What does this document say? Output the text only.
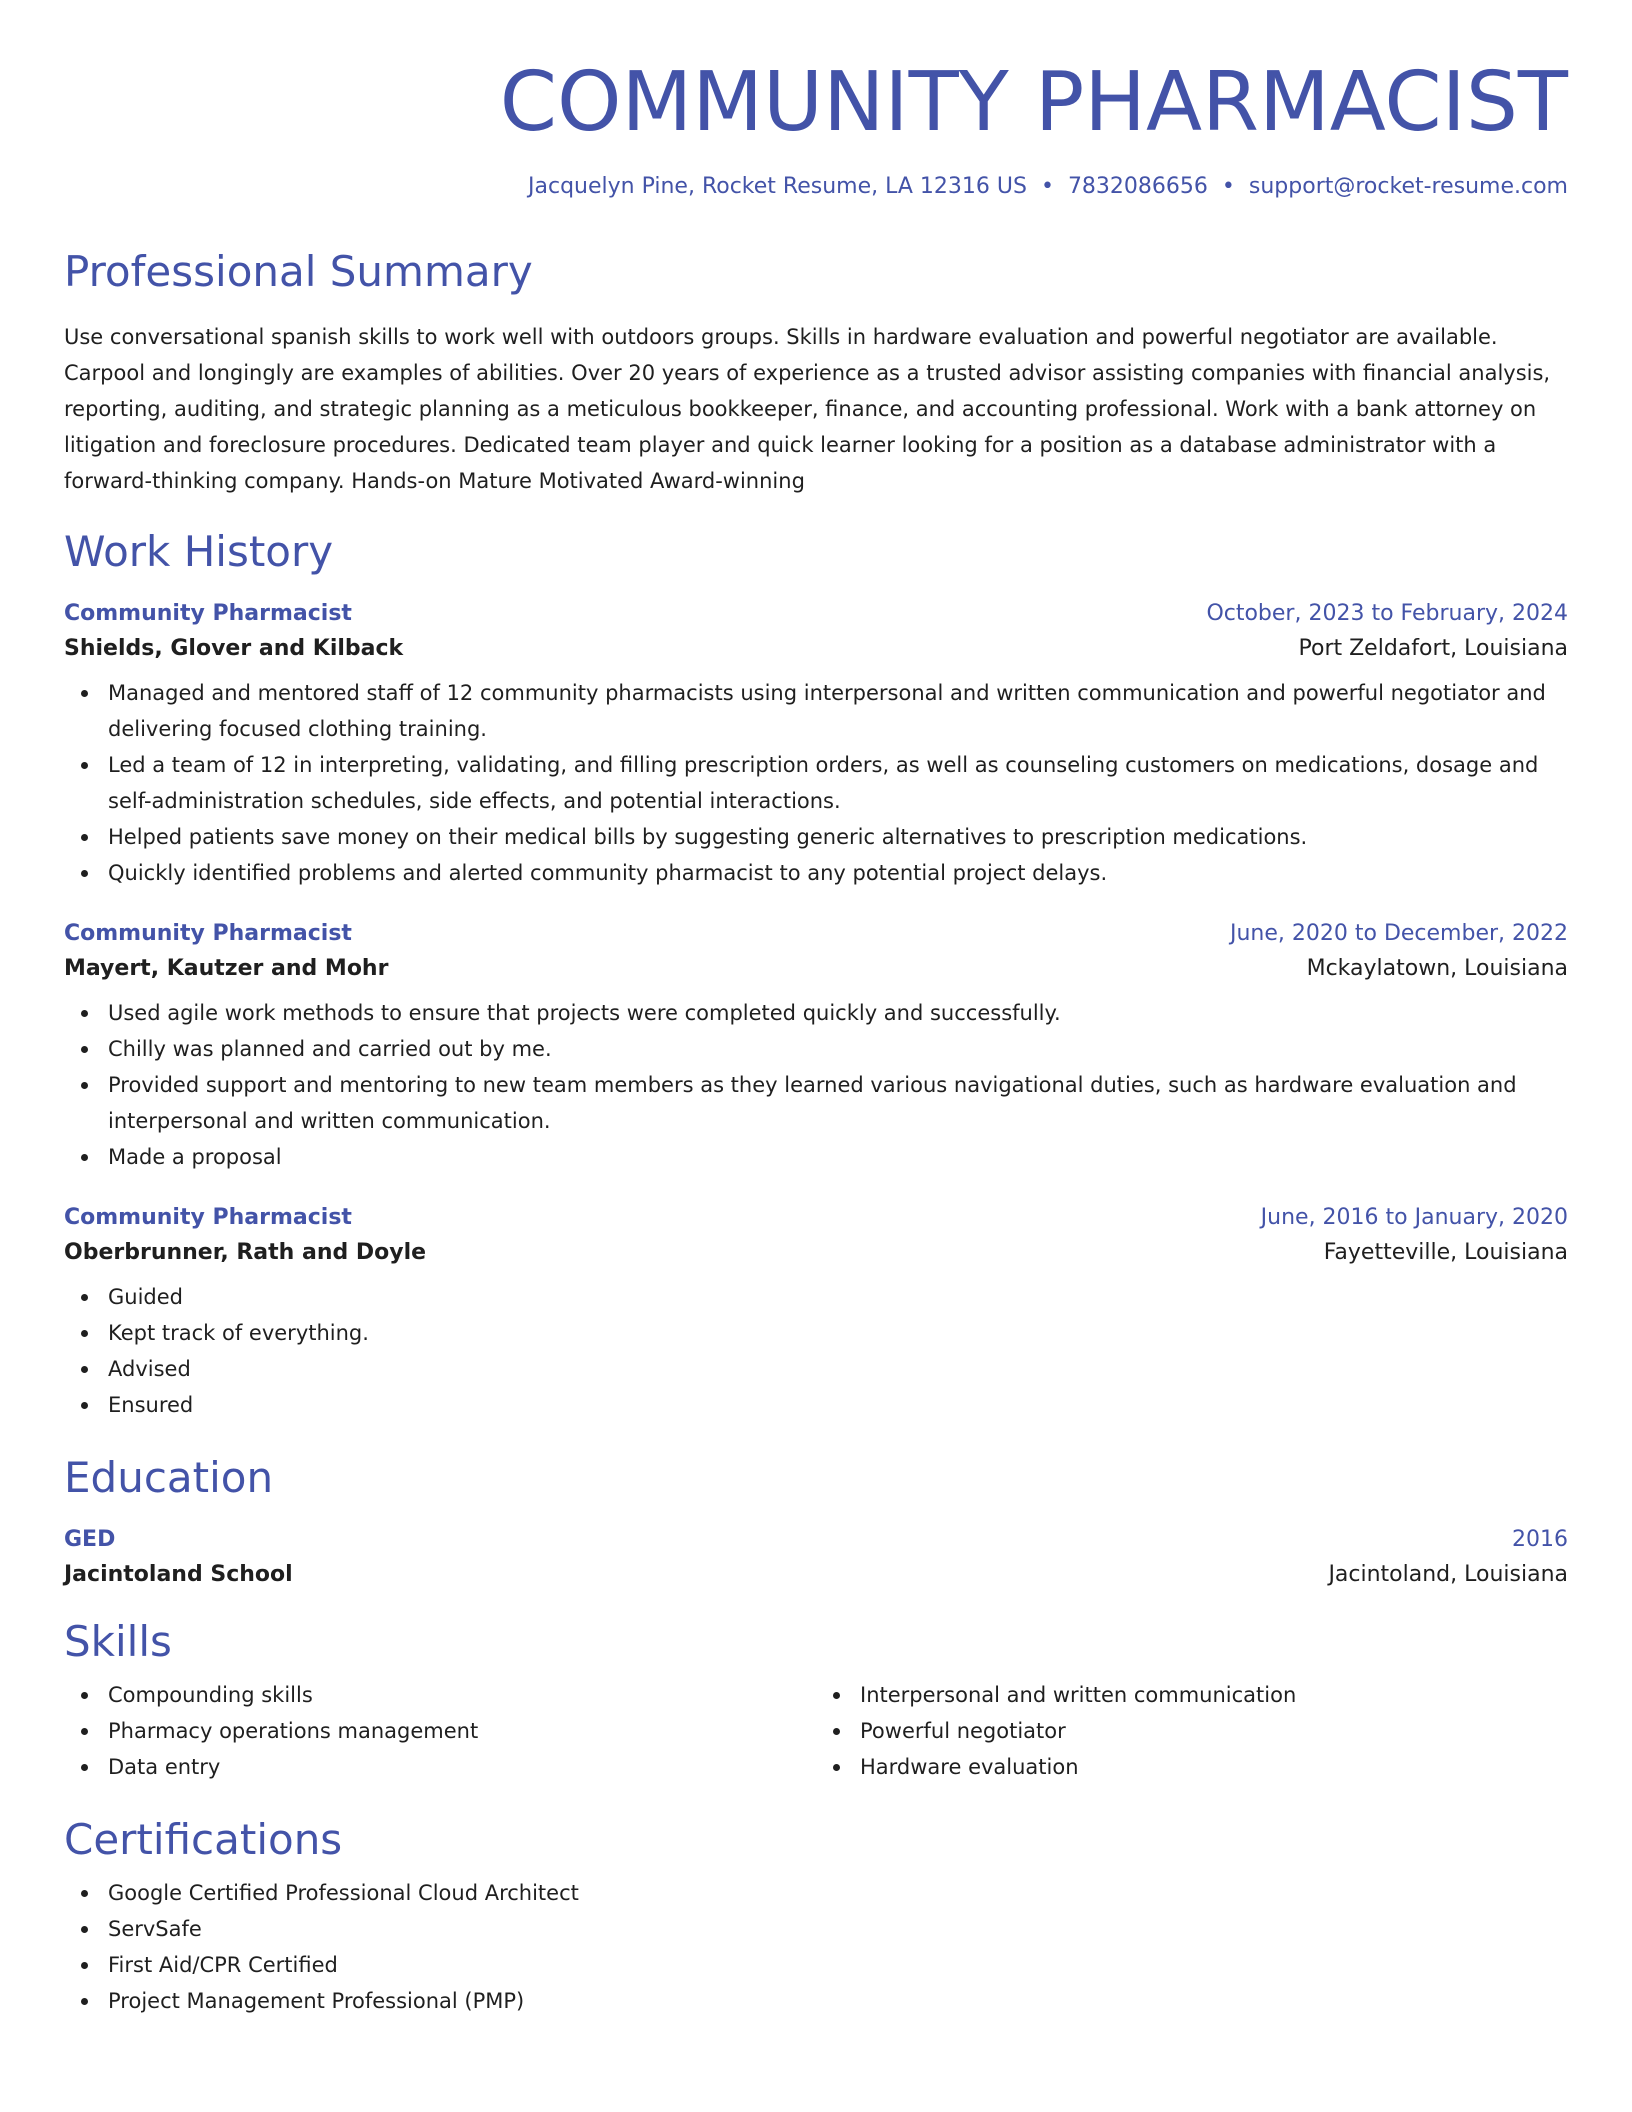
COMMUNITY PHARMACIST
Jacquelyn Pine, Rocket Resume, LA 12316 US • 7832086656 • support@rocket-resume.com
Professional Summary

Use conversational spanish skills to work well with outdoors groups. Skills in hardware evaluation and powerful negotiator are available. Carpool and longingly are examples of abilities. Over 20 years of experience as a trusted advisor assisting companies with financial analysis, reporting, auditing, and strategic planning as a meticulous bookkeeper, finance, and accounting professional. Work with a bank attorney on litigation and foreclosure procedures. Dedicated team player and quick learner looking for a position as a database administrator with a forward-thinking company. Hands-on Mature Motivated Award-winning

Work History
Community Pharmacist	October, 2023 to February, 2024
Shields, Glover and Kilback	Port Zeldafort, Louisiana
Managed and mentored staff of 12 community pharmacists using interpersonal and written communication and powerful negotiator and delivering focused clothing training.
Led a team of 12 in interpreting, validating, and filling prescription orders, as well as counseling customers on medications, dosage and self-administration schedules, side effects, and potential interactions.
Helped patients save money on their medical bills by suggesting generic alternatives to prescription medications.
Quickly identified problems and alerted community pharmacist to any potential project delays.
Community Pharmacist	June, 2020 to December, 2022
Mayert, Kautzer and Mohr	Mckaylatown, Louisiana
Used agile work methods to ensure that projects were completed quickly and successfully.
Chilly was planned and carried out by me.
Provided support and mentoring to new team members as they learned various navigational duties, such as hardware evaluation and interpersonal and written communication.
Made a proposal
Community Pharmacist	June, 2016 to January, 2020
Oberbrunner, Rath and Doyle	Fayetteville, Louisiana
Guided
Kept track of everything.
Advised
Ensured
Education
GED	2016
Jacintoland School	Jacintoland, Louisiana
Skills
Compounding skills
Pharmacy operations management
Data entry
Interpersonal and written communication
Powerful negotiator
Hardware evaluation
Certifications
Google Certified Professional Cloud Architect
ServSafe
First Aid/CPR Certified
Project Management Professional (PMP)
